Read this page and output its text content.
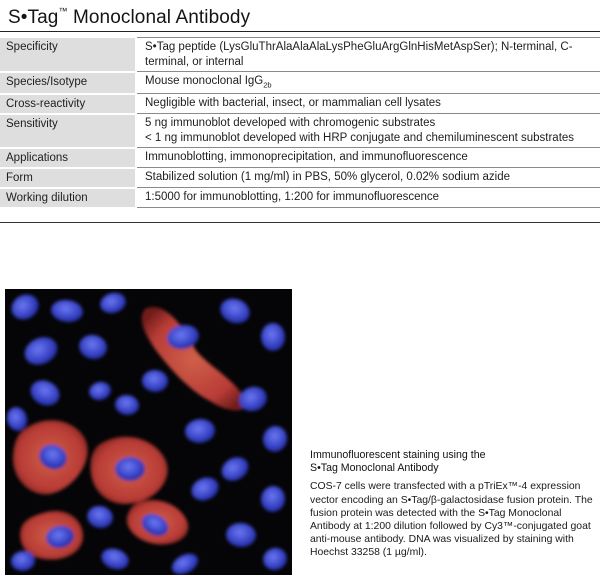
S•Tag™ Monoclonal Antibody
Specificity	S•Tag peptide (LysGluThrAlaAlaAlaLysPheGluArgGlnHisMetAspSer); N-terminal, C-terminal, or internal
Species/Isotype	Mouse monoclonal IgG$_{2b}$
Cross-reactivity	Negligible with bacterial, insect, or mammalian cell lysates
Sensitivity	5 ng immunoblot developed with chromogenic substrates
< 1 ng immunoblot developed with HRP conjugate and chemiluminescent substrates

Applications	Immunoblotting, immonoprecipitation, and immunofluorescence
Form	Stabilized solution (1 mg/ml) in PBS, 50% glycerol, 0.02% sodium azide
Working dilution	1:5000 for immunoblotting, 1:200 for immunofluorescence
Immunofluorescent staining using the
S•Tag Monoclonal Antibody

COS-7 cells were transfected with a pTriEx™-4 expression vector encoding an S•Tag/β-galactosidase fusion protein. The fusion protein was detected with the S•Tag Monoclonal Antibody at 1:200 dilution followed by Cy3™-conjugated goat anti-mouse antibody. DNA was visualized by staining with Hoechst 33258 (1 µg/ml).
